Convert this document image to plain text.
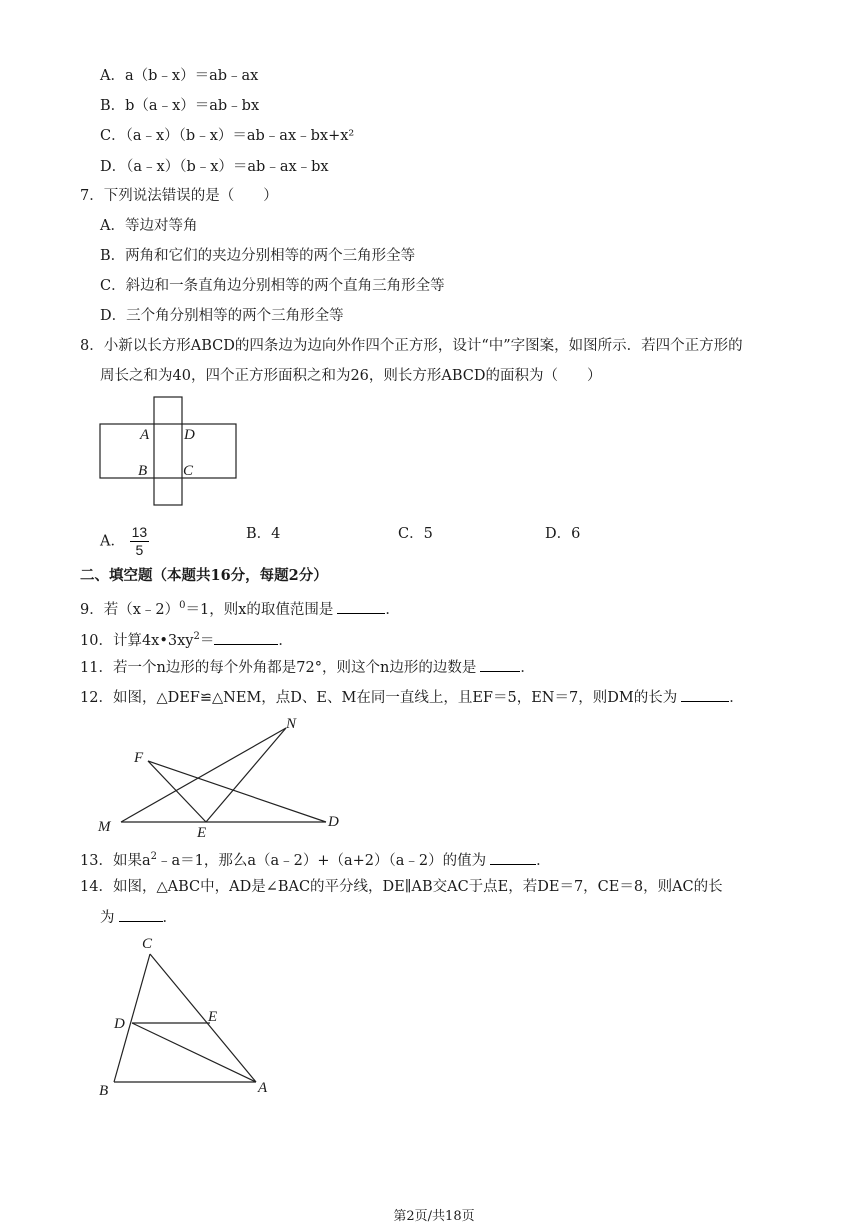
A．a（b﹣x）＝ab﹣ax
B．b（a﹣x）＝ab﹣bx
C．（a﹣x）（b﹣x）＝ab﹣ax﹣bx+x²
D．（a﹣x）（b﹣x）＝ab﹣ax﹣bx
7．下列说法错误的是（　　）
A．等边对等角
B．两角和它们的夹边分别相等的两个三角形全等
C．斜边和一条直角边分别相等的两个直角三角形全等
D．三个角分别相等的两个三角形全等
8．小新以长方形ABCD的四条边为边向外作四个正方形，设计“中”字图案，如图所示．若四个正方形的
周长之和为40，四个正方形面积之和为26，则长方形ABCD的面积为（　　）
A D
B C
A． $\frac{13}{5}$	B．4	C．5	D．6
二、填空题（本题共16分，每题2分）
9．若（x﹣2）$^0$＝1，则x的取值范围是	．
10．计算$4x•3xy^2=$	．
11．若一个n边形的每个外角都是72°，则这个n边形的边数是	．
12．如图，△DEF≌△NEM，点D、E、M在同一直线上，且EF＝5，EN＝7，则DM的长为	．
N
F
M	E
D
13．如果$a^2﹣a=1$，那么a（a﹣2）+（a+2）（a﹣2）的值为	．
14．如图，△ABC中，AD是∠BAC的平分线，DE∥AB交AC于点E，若DE＝7，CE＝8，则AC的长
为	．
C
D	E
B	A
第2页/共18页
